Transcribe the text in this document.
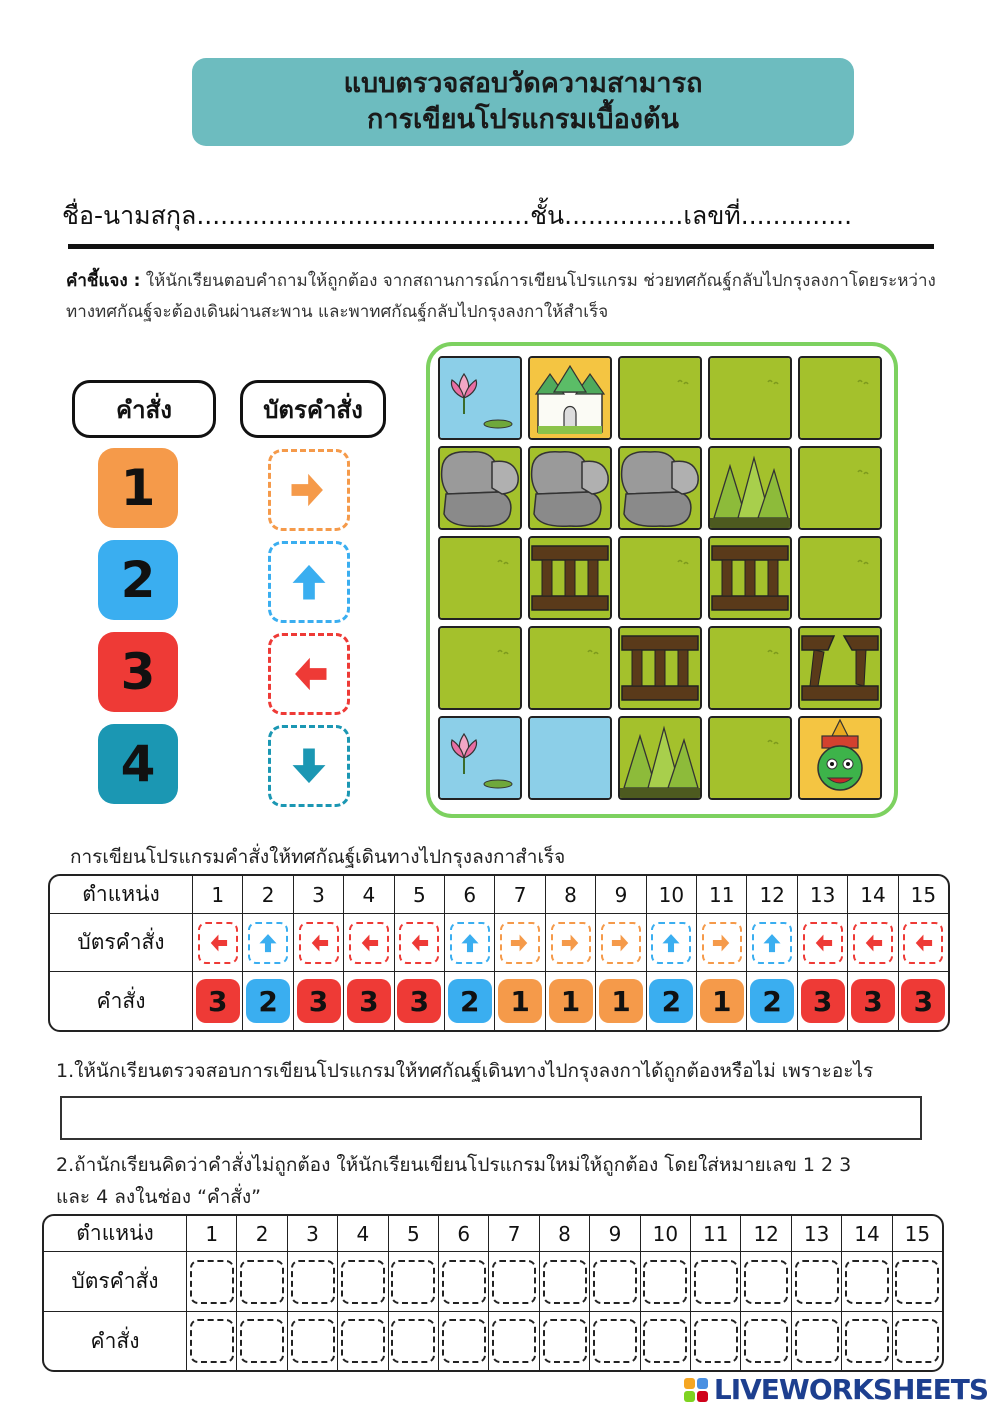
แบบตรวจสอบวัดความสามารถ
การเขียนโปรแกรมเบื้องต้น
ชื่อ-นามสกุล..........................................ชั้น...............เลขที่..............
คำชี้แจง : ให้นักเรียนตอบคำถามให้ถูกต้อง จากสถานการณ์การเขียนโปรแกรม ช่วยทศกัณฐ์กลับไปกรุงลงกาโดยระหว่างทางทศกัณฐ์จะต้องเดินผ่านสะพาน และพาทศกัณฐ์กลับไปกรุงลงกาให้สำเร็จ
คำสั่ง	บัตรคำสั่ง
1
2
3
4
การเขียนโปรแกรมคำสั่งให้ทศกัณฐ์เดินทางไปกรุงลงกาสำเร็จ
ตำแหน่ง	1	2	3	4	5	6	7	8	9	10	11	12	13	14	15
บัตรคำสั่ง	

คำสั่ง	3	2	3	3	3	2	1	1	1	2	1	2	3	3	3
1.ให้นักเรียนตรวจสอบการเขียนโปรแกรมให้ทศกัณฐ์เดินทางไปกรุงลงกาได้ถูกต้องหรือไม่ เพราะอะไร
2.ถ้านักเรียนคิดว่าคำสั่งไม่ถูกต้อง ให้นักเรียนเขียนโปรแกรมใหม่ให้ถูกต้อง โดยใส่หมายเลข 1 2 3
และ 4 ลงในช่อง “คำสั่ง”
ตำแหน่ง	1	2	3	4	5	6	7	8	9	10	11	12	13	14	15
บัตรคำสั่ง	

คำสั่ง	

LIVEWORKSHEETS
